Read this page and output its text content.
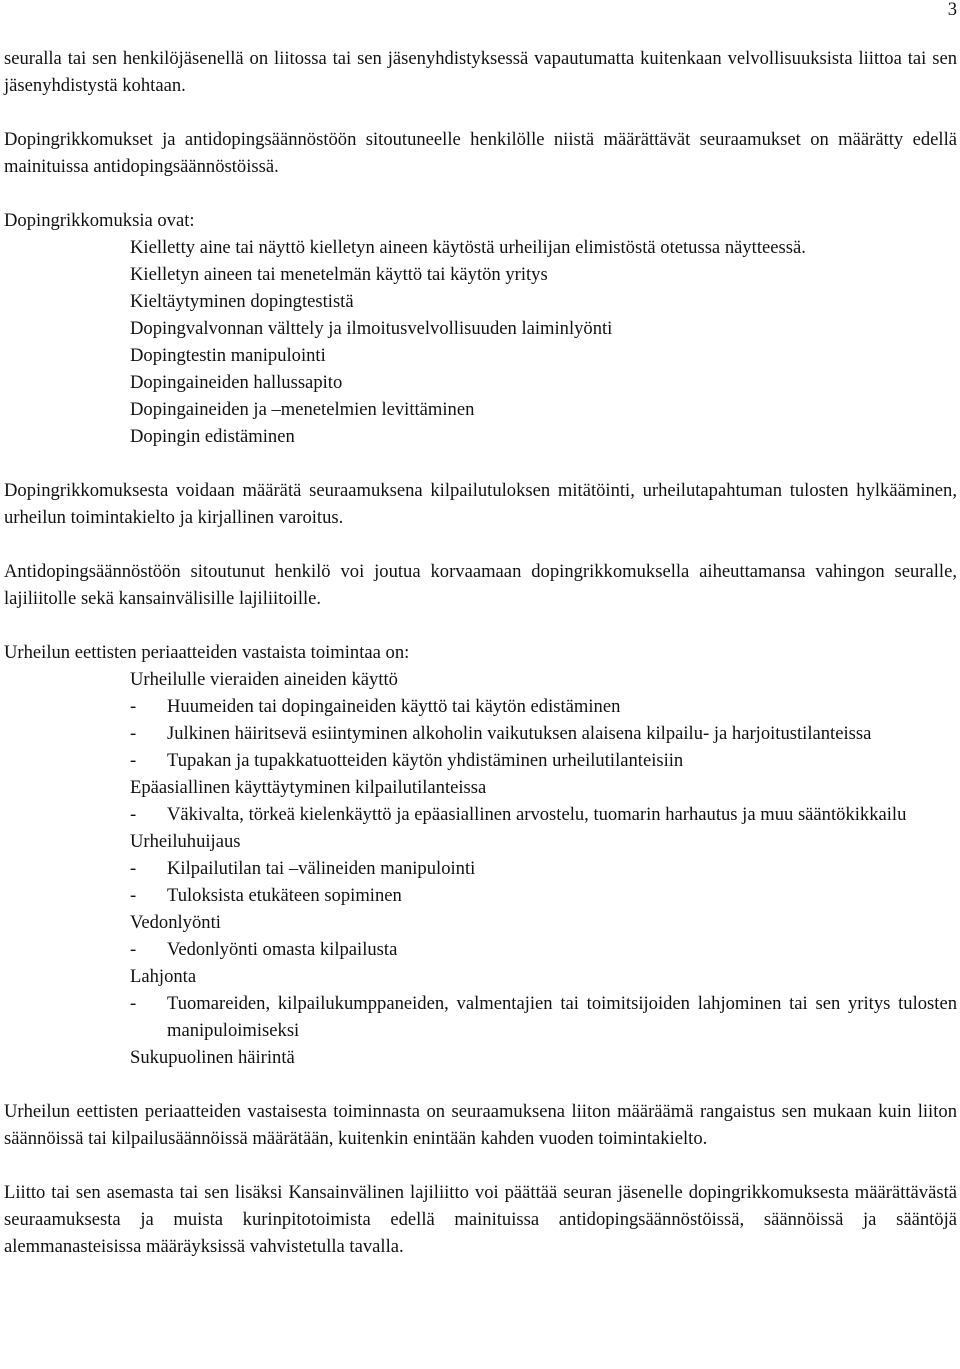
3

seuralla tai sen henkilöjäsenellä on liitossa tai sen jäsenyhdistyksessä vapautumatta kuitenkaan velvollisuuksista liittoa tai sen jäsenyhdistystä kohtaan.

Dopingrikkomukset ja antidopingsäännöstöön sitoutuneelle henkilölle niistä määrättävät seuraamukset on määrätty edellä mainituissa antidopingsäännöstöissä.

Dopingrikkomuksia ovat:
Kielletty aine tai näyttö kielletyn aineen käytöstä urheilijan elimistöstä otetussa näytteessä.
Kielletyn aineen tai menetelmän käyttö tai käytön yritys
Kieltäytyminen dopingtestistä
Dopingvalvonnan välttely ja ilmoitusvelvollisuuden laiminlyönti
Dopingtestin manipulointi
Dopingaineiden hallussapito
Dopingaineiden ja –menetelmien levittäminen
Dopingin edistäminen

Dopingrikkomuksesta voidaan määrätä seuraamuksena kilpailutuloksen mitätöinti, urheilutapahtuman tulosten hylkääminen, urheilun toimintakielto ja kirjallinen varoitus.

Antidopingsäännöstöön sitoutunut henkilö voi joutua korvaamaan dopingrikkomuksella aiheuttamansa vahingon seuralle, lajiliitolle sekä kansainvälisille lajiliitoille.

Urheilun eettisten periaatteiden vastaista toimintaa on:
Urheilulle vieraiden aineiden käyttö
-	Huumeiden tai dopingaineiden käyttö tai käytön edistäminen
-	Julkinen häiritsevä esiintyminen alkoholin vaikutuksen alaisena kilpailu- ja harjoitustilanteissa
-	Tupakan ja tupakkatuotteiden käytön yhdistäminen urheilutilanteisiin
Epäasiallinen käyttäytyminen kilpailutilanteissa
-	Väkivalta, törkeä kielenkäyttö ja epäasiallinen arvostelu, tuomarin harhautus ja muu sääntökikkailu
Urheiluhuijaus
-	Kilpailutilan tai –välineiden manipulointi
-	Tuloksista etukäteen sopiminen
Vedonlyönti
-	Vedonlyönti omasta kilpailusta
Lahjonta
-	Tuomareiden, kilpailukumppaneiden, valmentajien tai toimitsijoiden lahjominen tai sen yritys tulosten manipuloimiseksi
Sukupuolinen häirintä

Urheilun eettisten periaatteiden vastaisesta toiminnasta on seuraamuksena liiton määräämä rangaistus sen mukaan kuin liiton säännöissä tai kilpailusäännöissä määrätään, kuitenkin enintään kahden vuoden toimintakielto.

Liitto tai sen asemasta tai sen lisäksi Kansainvälinen lajiliitto voi päättää seuran jäsenelle dopingrikkomuksesta määrättävästä seuraamuksesta ja muista kurinpitotoimista edellä mainituissa antidopingsäännöstöissä, säännöissä ja sääntöjä alemmanasteisissa määräyksissä vahvistetulla tavalla.
